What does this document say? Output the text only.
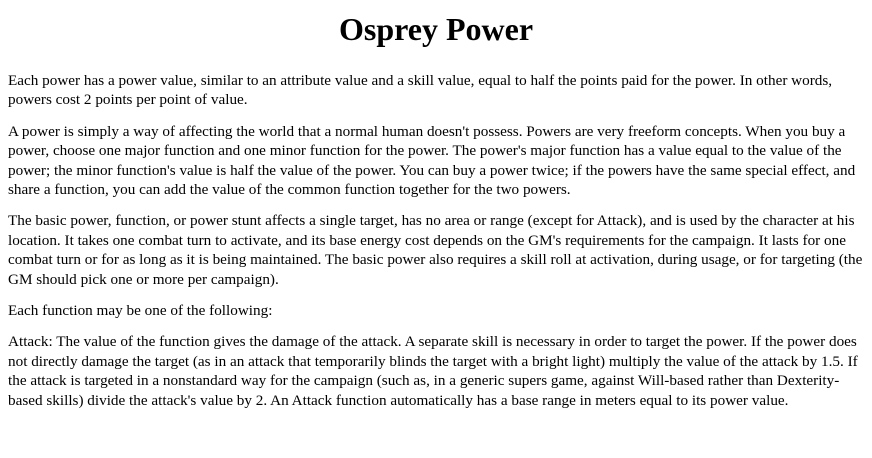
Osprey Power

Each power has a power value, similar to an attribute value and a skill value, equal to half the points paid for the power. In other words, powers cost 2 points per point of value.

A power is simply a way of affecting the world that a normal human doesn't possess. Powers are very freeform concepts. When you buy a power, choose one major function and one minor function for the power. The power's major function has a value equal to the value of the power; the minor function's value is half the value of the power. You can buy a power twice; if the powers have the same special effect, and share a function, you can add the value of the common function together for the two powers.

The basic power, function, or power stunt affects a single target, has no area or range (except for Attack), and is used by the character at his location. It takes one combat turn to activate, and its base energy cost depends on the GM's requirements for the campaign. It lasts for one combat turn or for as long as it is being maintained. The basic power also requires a skill roll at activation, during usage, or for targeting (the GM should pick one or more per campaign).

Each function may be one of the following:

Attack: The value of the function gives the damage of the attack. A separate skill is necessary in order to target the power. If the power does not directly damage the target (as in an attack that temporarily blinds the target with a bright light) multiply the value of the attack by 1.5. If the attack is targeted in a nonstandard way for the campaign (such as, in a generic supers game, against Will-based rather than Dexterity-based skills) divide the attack's value by 2. An Attack function automatically has a base range in meters equal to its power value.
